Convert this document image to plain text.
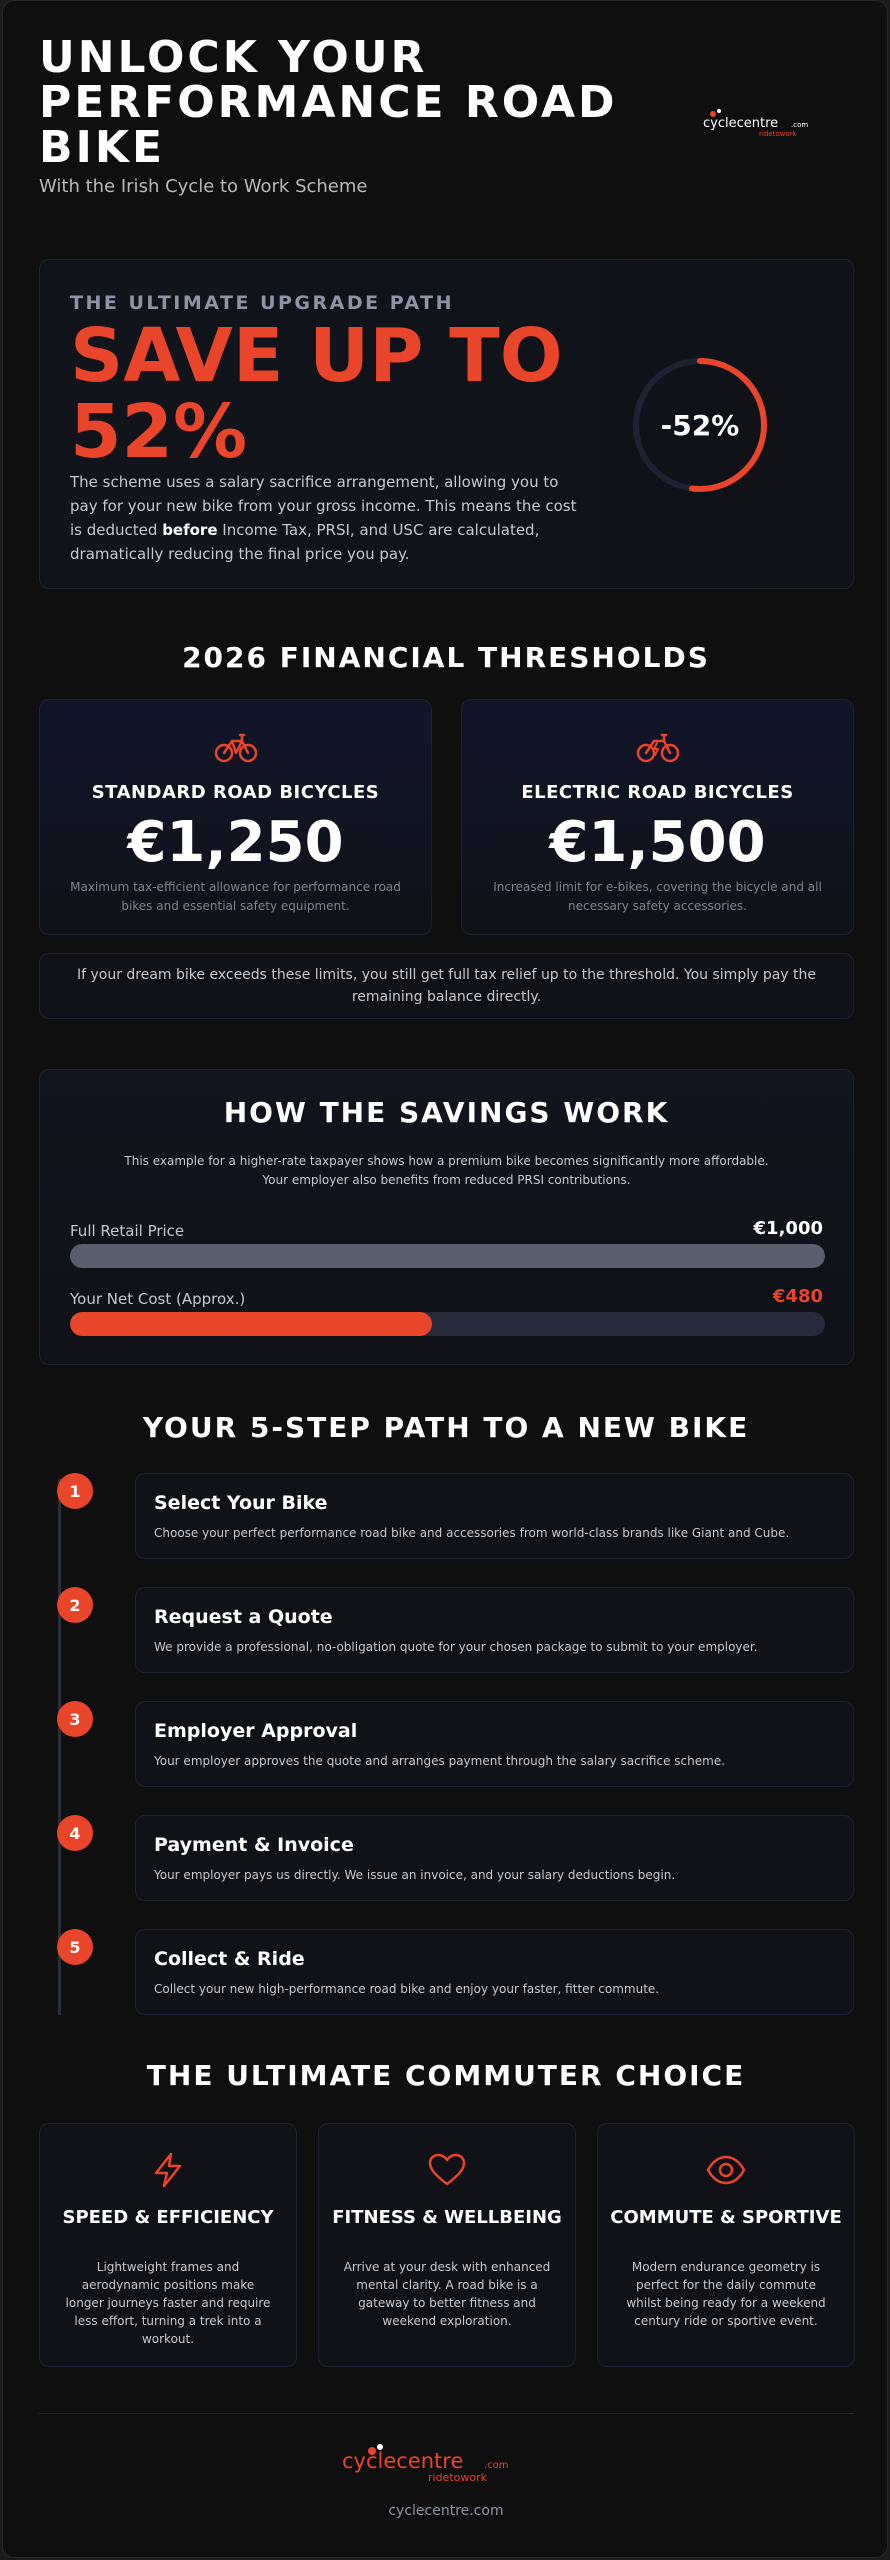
UNLOCK YOUR PERFORMANCE ROAD BIKE
With the Irish Cycle to Work Scheme
cyclecentre .com
ridetowork
THE ULTIMATE UPGRADE PATH
SAVE UP TO 52%
The scheme uses a salary sacrifice arrangement, allowing you to pay for your new bike from your gross income. This means the cost is deducted before Income Tax, PRSI, and USC are calculated, dramatically reducing the final price you pay.
-52%
2026 FINANCIAL THRESHOLDS
STANDARD ROAD BICYCLES
€1,250
Maximum tax-efficient allowance for performance road bikes and essential safety equipment.
ELECTRIC ROAD BICYCLES
€1,500
Increased limit for e-bikes, covering the bicycle and all necessary safety accessories.
If your dream bike exceeds these limits, you still get full tax relief up to the threshold. You simply pay the remaining balance directly.
HOW THE SAVINGS WORK
This example for a higher-rate taxpayer shows how a premium bike becomes significantly more affordable.
Your employer also benefits from reduced PRSI contributions.
Full Retail Price	€1,000
Your Net Cost (Approx.)	€480
YOUR 5-STEP PATH TO A NEW BIKE
1
Select Your Bike
Choose your perfect performance road bike and accessories from world-class brands like Giant and Cube.
2
Request a Quote
We provide a professional, no-obligation quote for your chosen package to submit to your employer.
3
Employer Approval
Your employer approves the quote and arranges payment through the salary sacrifice scheme.
4
Payment & Invoice
Your employer pays us directly. We issue an invoice, and your salary deductions begin.
5
Collect & Ride
Collect your new high-performance road bike and enjoy your faster, fitter commute.
THE ULTIMATE COMMUTER CHOICE
SPEED & EFFICIENCY
Lightweight frames and aerodynamic positions make longer journeys faster and require less effort, turning a trek into a workout.
FITNESS & WELLBEING
Arrive at your desk with enhanced mental clarity. A road bike is a gateway to better fitness and weekend exploration.
COMMUTE & SPORTIVE
Modern endurance geometry is perfect for the daily commute whilst being ready for a weekend century ride or sportive event.
cyclecentre .com
ridetowork
cyclecentre.com
